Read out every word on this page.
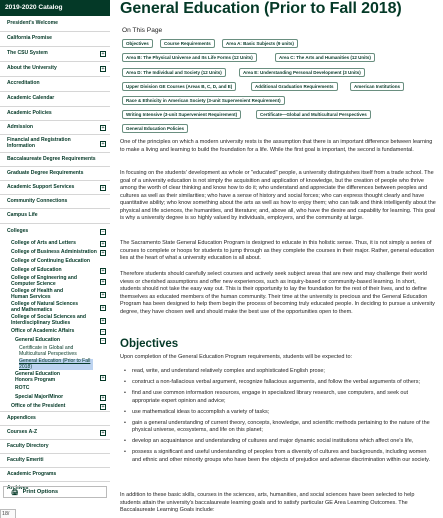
2019-2020 Catalog
President's Welcome
California Promise
The CSU System	+
About the University	+
Accreditation
Academic Calendar
Academic Policies
Admission	+
Financial and Registration Information	+
Baccalaureate Degree Requirements
Graduate Degree Requirements
Academic Support Services	+
Community Connections
Campus Life
Colleges	−
College of Arts and Letters	+
College of Business Administration +
College of Continuing Education
College of Education	+
College of Engineering and Computer Science	+
College of Health and Human Services	+
College of Natural Sciences and Mathematics	+
College of Social Sciences and Interdisciplinary Studies	+
Office of Academic Affairs	−
General Education	−
Certificate in Global and Multicultural Perspectives
General Education (Prior to Fall 2018)
General Education Honors Program	+
ROTC
Special Major/Minor	+
Office of the President	+
Appendices
Courses A-Z	+
Faculty Directory
Faculty Emeriti
Academic Programs
Archives
🖨 Print Options
18/
General Education (Prior to Fall 2018)
On This Page
Objectives	Course Requirements	Area A: Basic Subjects (9 units)
Area B: The Physical Universe and Its Life Forms (12 Units)	Area C: The Arts and Humanities (12 Units)
Area D: The Individual and Society (12 Units)	Area E: Understanding Personal Development (3 Units)
Upper Division GE Courses (Areas B, C, D, and E)	Additional Graduation Requirements	American Institutions
Race & Ethnicity in American Society (3-unit Supervenient Requirement)
Writing Intensive (3-unit Supervenient Requirement)	Certificate—Global and Multicultural Perspectives
General Education Policies

One of the principles on which a modern university rests is the assumption that there is an important difference between learning to make a living and learning to build the foundation for a life. While the first goal is important, the second is fundamental.

In focusing on the students' development as whole or "educated" people, a university distinguishes itself from a trade school. The goal of a university education is not simply the acquisition and application of knowledge, but the creation of people who thrive among the worth of clear thinking and know how to do it; who understand and appreciate the differences between peoples and cultures as well as their similarities; who have a sense of history and social forces; who can express thought clearly and have quantitative ability; who know something about the arts as well as how to enjoy them; who can talk and think intelligently about the physical and life sciences, the humanities, and literature; and, above all, who have the desire and capability for learning. This goal is why a university degree is so highly valued by individuals, employers, and the community at large.

The Sacramento State General Education Program is designed to educate in this holistic sense. Thus, it is not simply a series of courses to complete or hoops for students to jump through as they complete the courses in their major. Rather, general education lies at the heart of what a university education is all about.

Therefore students should carefully select courses and actively seek subject areas that are new and may challenge their world views or cherished assumptions and offer new experiences, such as inquiry-based or community-based learning. In short, students should not take the easy way out. This is their opportunity to lay the foundation for the rest of their lives, and to define themselves as educated members of the human community. Their time at the university is precious and the General Education Program has been designed to help them begin the process of becoming truly educated people. In deciding to pursue a university degree, they have chosen well and should make the best use of the opportunities open to them.

Objectives

Upon completion of the General Education Program requirements, students will be expected to:

• read, write, and understand relatively complex and sophisticated English prose;
• construct a non-fallacious verbal argument, recognize fallacious arguments, and follow the verbal arguments of others;
• find and use common information resources, engage in specialized library research, use computers, and seek out appropriate expert opinion and advice;
• use mathematical ideas to accomplish a variety of tasks;
• gain a general understanding of current theory, concepts, knowledge, and scientific methods pertaining to the nature of the physical universe, ecosystems, and life on this planet;
• develop an acquaintance and understanding of cultures and major dynamic social institutions which affect one's life,
• possess a significant and useful understanding of peoples from a diversity of cultures and backgrounds, including women and ethnic and other minority groups who have been the objects of prejudice and adverse discrimination within our society.

In addition to these basic skills, courses in the sciences, arts, humanities, and social sciences have been selected to help students attain the university's baccalaureate learning goals and to satisfy particular GE Area Learning Outcomes. The Baccalaureate Learning Goals include:
